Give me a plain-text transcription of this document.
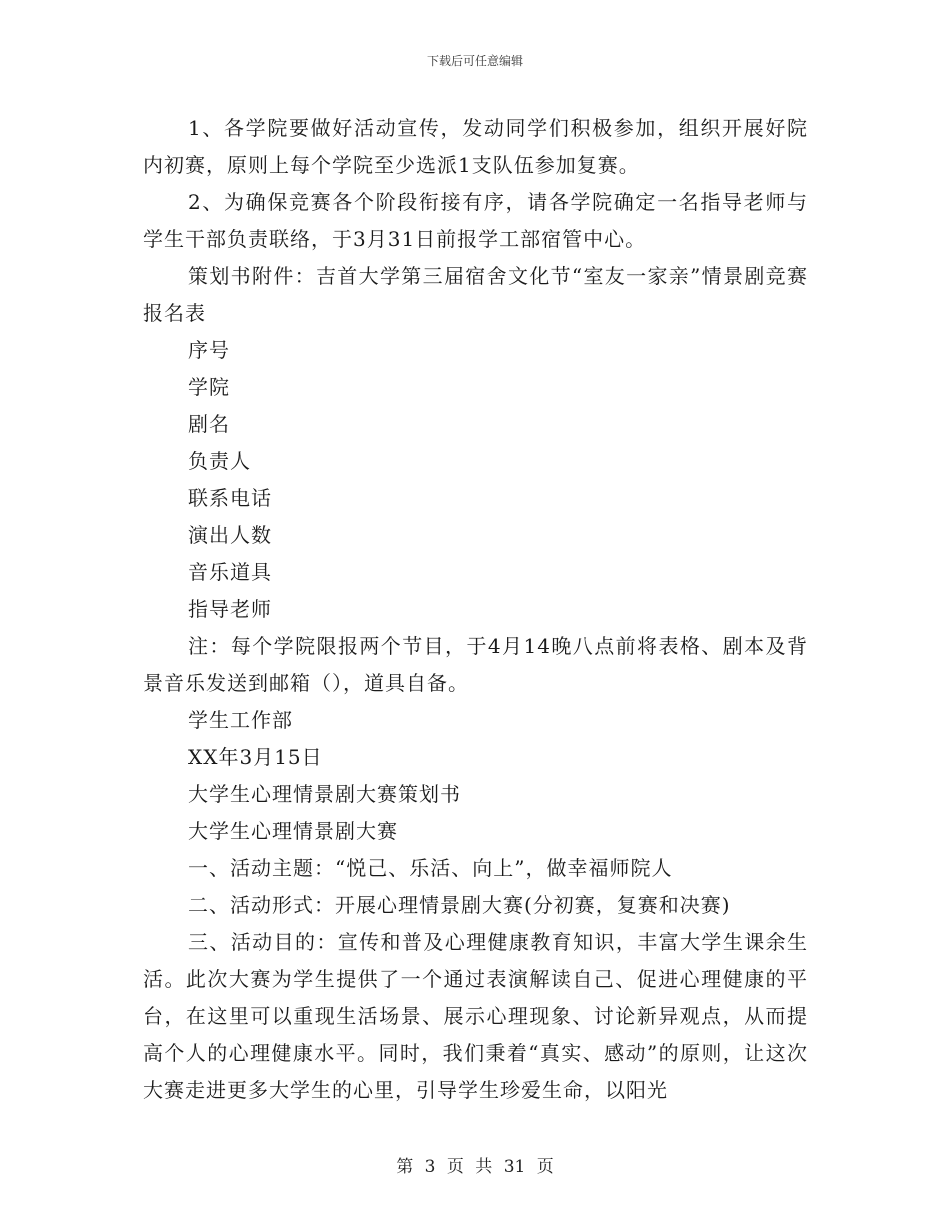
下载后可任意编辑

1、各学院要做好活动宣传，发动同学们积极参加，组织开展好院内初赛，原则上每个学院至少选派1支队伍参加复赛。

2、为确保竞赛各个阶段衔接有序，请各学院确定一名指导老师与学生干部负责联络，于3月31日前报学工部宿管中心。

策划书附件：吉首大学第三届宿舍文化节“室友一家亲”情景剧竞赛报名表

序号

学院

剧名

负责人

联系电话

演出人数

音乐道具

指导老师

注：每个学院限报两个节目，于4月14晚八点前将表格、剧本及背景音乐发送到邮箱（），道具自备。

学生工作部

XX年3月15日

大学生心理情景剧大赛策划书

大学生心理情景剧大赛

一、活动主题：“悦己、乐活、向上”，做幸福师院人

二、活动形式：开展心理情景剧大赛(分初赛，复赛和决赛)

三、活动目的：宣传和普及心理健康教育知识，丰富大学生课余生活。此次大赛为学生提供了一个通过表演解读自己、促进心理健康的平台，在这里可以重现生活场景、展示心理现象、讨论新异观点，从而提高个人的心理健康水平。同时，我们秉着“真实、感动”的原则，让这次大赛走进更多大学生的心里，引导学生珍爱生命，以阳光

第 3 页 共 31 页
